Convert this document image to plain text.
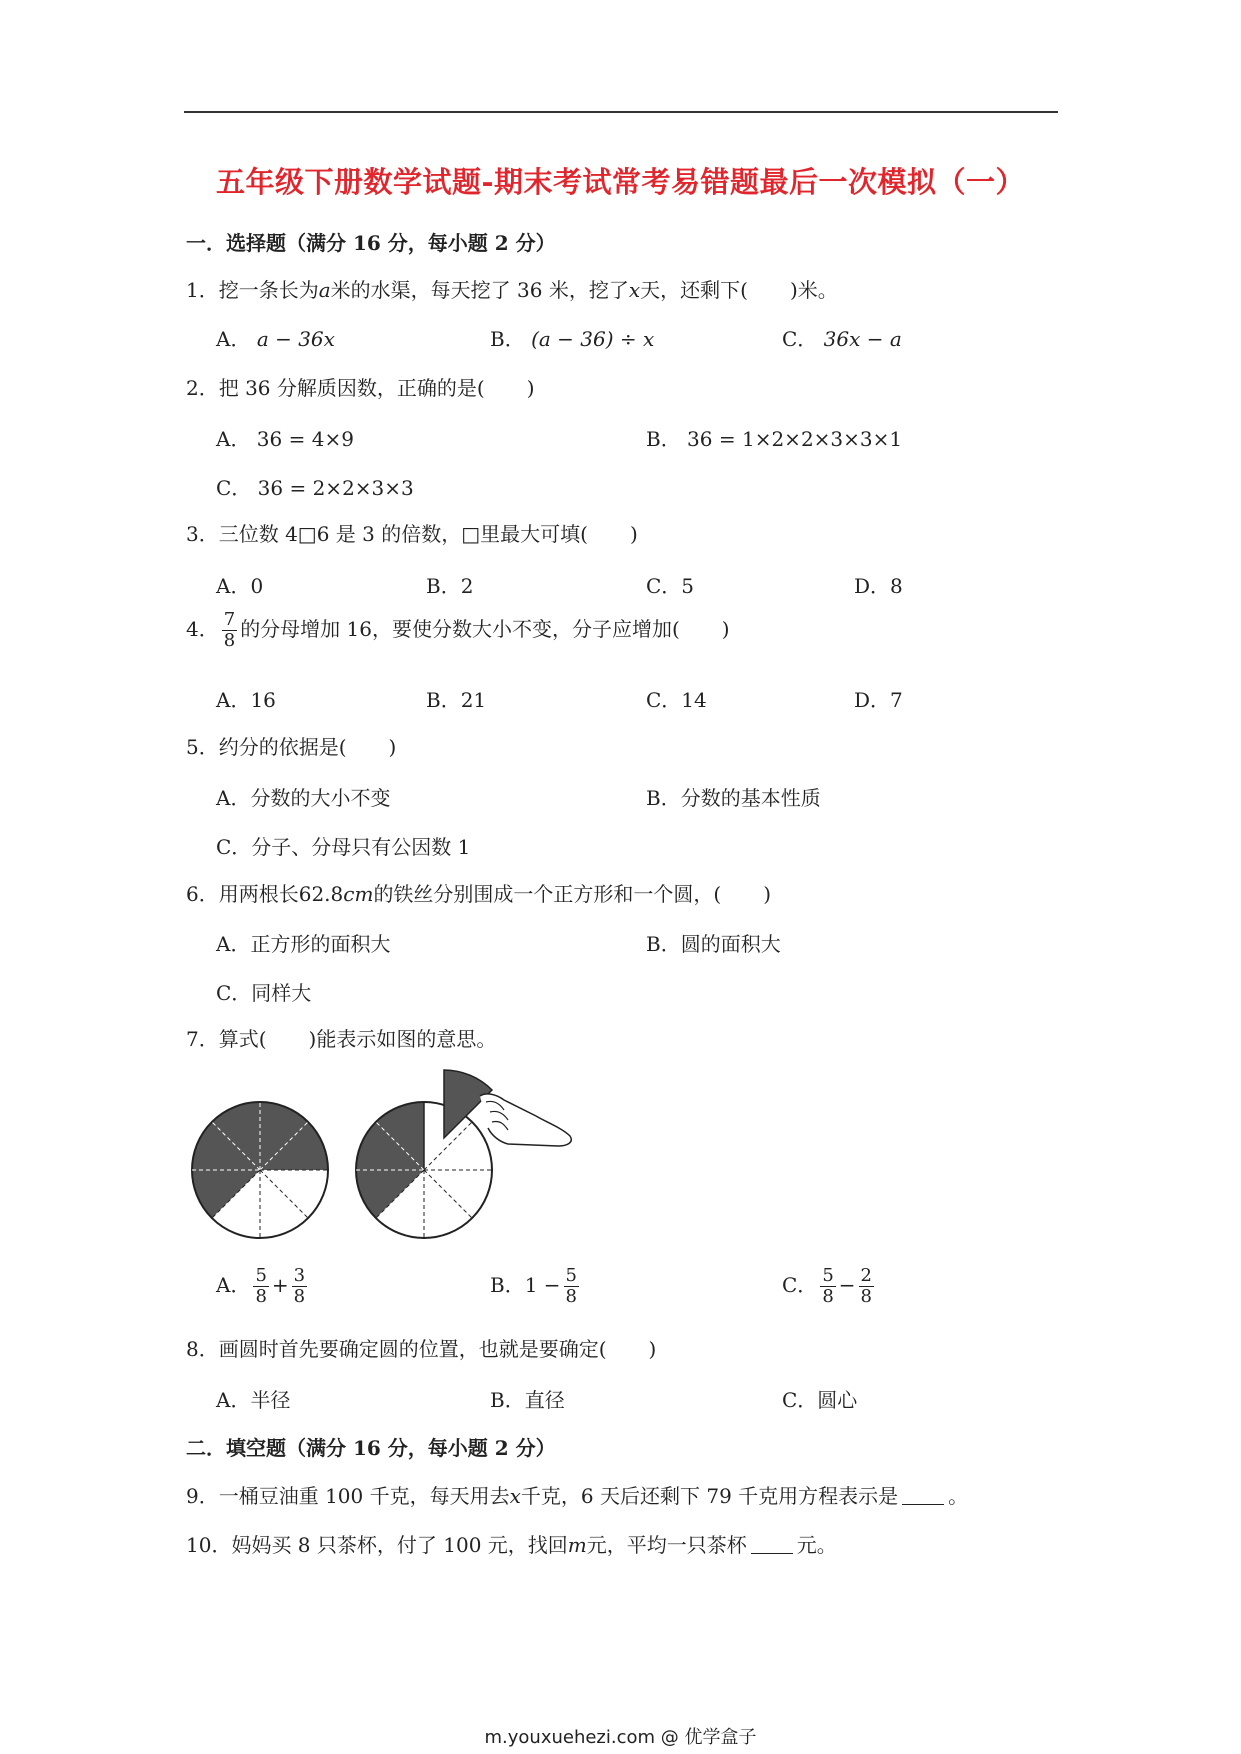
五年级下册数学试题-期末考试常考易错题最后一次模拟（一）
一．选择题（满分 16 分，每小题 2 分）
1．挖一条长为a米的水渠，每天挖了 36 米，挖了x天，还剩下( )米。
A． a − 36x	B． (a − 36) ÷ x	C． 36x − a
2．把 36 分解质因数，正确的是( )
A． 36 = 4×9	B． 36 = 1×2×2×3×3×1
C． 36 = 2×2×3×3
3．三位数 4□6 是 3 的倍数，□里最大可填( )
A．0	B．2	C．5	D．8
4． $\frac{7}{8}$ 的分母增加 16，要使分数大小不变，分子应增加( )
A．16	B．21	C．14	D．7
5．约分的依据是( )
A．分数的大小不变	B．分数的基本性质
C．分子、分母只有公因数 1
6．用两根长62.8cm的铁丝分别围成一个正方形和一个圆，( )
A．正方形的面积大	B．圆的面积大
C．同样大
7．算式( )能表示如图的意思。
A． $\frac{5}{8} + \frac{3}{8}$	B．$1 - \frac{5}{8}$	C． $\frac{5}{8} - \frac{2}{8}$
8．画圆时首先要确定圆的位置，也就是要确定( )
A．半径	B．直径	C．圆心
二．填空题（满分 16 分，每小题 2 分）
9．一桶豆油重 100 千克，每天用去x千克，6 天后还剩下 79 千克用方程表示是	。
10．妈妈买 8 只茶杯，付了 100 元，找回m元，平均一只茶杯	元。
m.youxuehezi.com @ 优学盒子
